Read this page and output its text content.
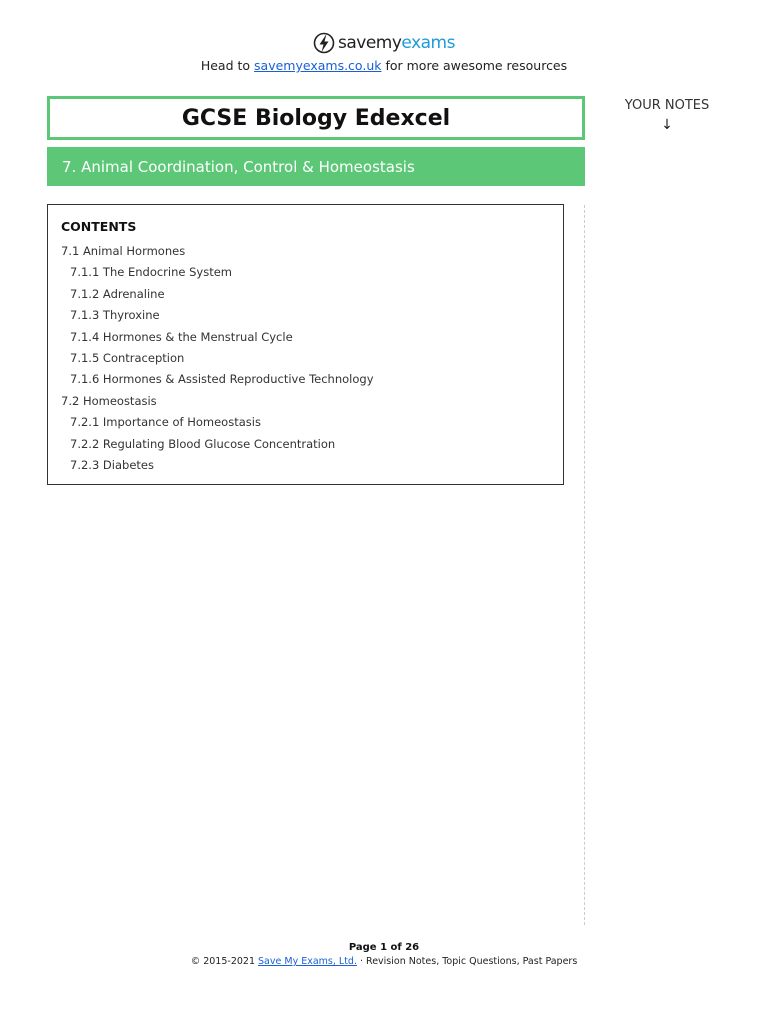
savemyexams
Head to savemyexams.co.uk for more awesome resources
GCSE Biology Edexcel
7. Animal Coordination, Control & Homeostasis
YOUR NOTES
↓
CONTENTS
7.1 Animal Hormones
7.1.1 The Endocrine System
7.1.2 Adrenaline
7.1.3 Thyroxine
7.1.4 Hormones & the Menstrual Cycle
7.1.5 Contraception
7.1.6 Hormones & Assisted Reproductive Technology
7.2 Homeostasis
7.2.1 Importance of Homeostasis
7.2.2 Regulating Blood Glucose Concentration
7.2.3 Diabetes
Page 1 of 26
© 2015-2021 Save My Exams, Ltd. · Revision Notes, Topic Questions, Past Papers
